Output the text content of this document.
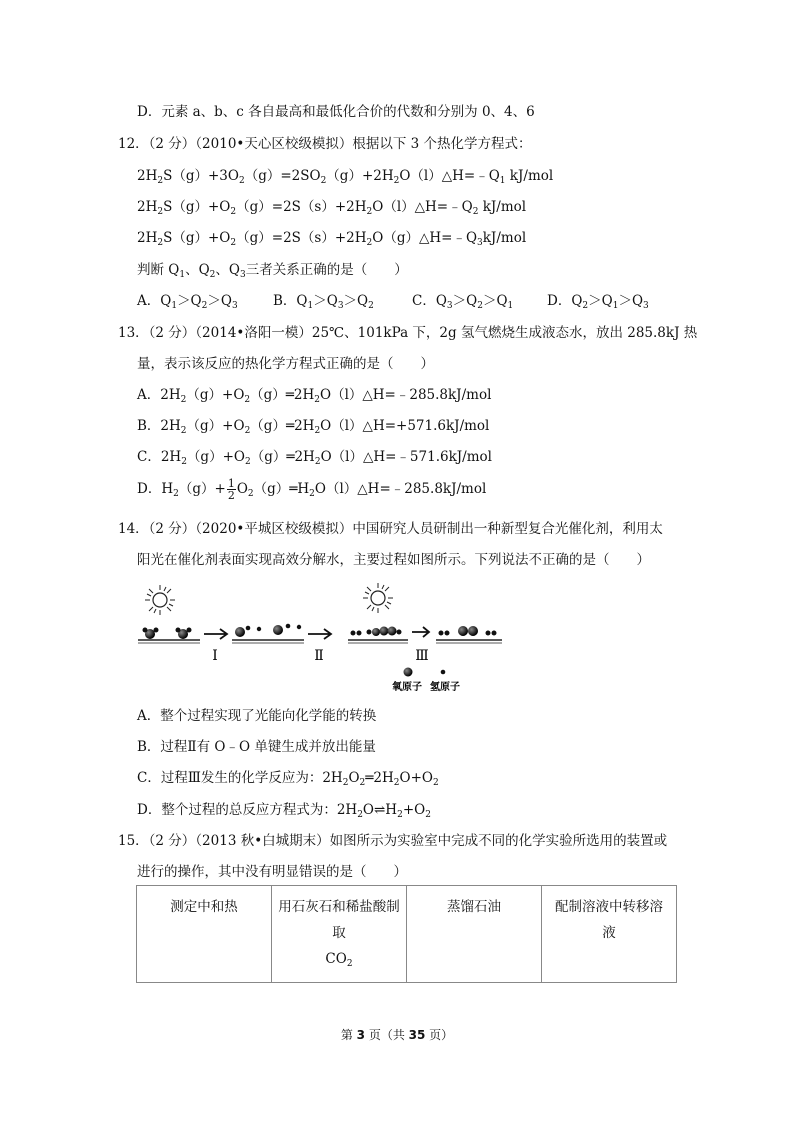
D．元素 a、b、c 各自最高和最低化合价的代数和分别为 0、4、6
12．（2 分）（2010•天心区校级模拟）根据以下 3 个热化学方程式：
$2H_2S(g)+3O_2(g)=2SO_2(g)+2H_2O(l)\triangle H=﹣Q_1$ kJ/mol
$2H_2S(g)+O_2(g)=2S(s)+2H_2O(l)\triangle H=﹣Q_2$ kJ/mol
$2H_2S(g)+O_2(g)=2S(s)+2H_2O(g)\triangle H=﹣Q_3kJ$/mol
判断 $Q_1$、$Q_2$、$Q_3$三者关系正确的是（　　）
A．$Q_1>Q_2>Q_3$	B．$Q_1>Q_3>Q_2$	C．$Q_3>Q_2>Q_1$ D．$Q_2>Q_1>Q_3$
13．（2 分）（2014•洛阳一模）25℃、101kPa 下，2g 氢气燃烧生成液态水，放出 285.8kJ 热
量，表示该反应的热化学方程式正确的是（　　）
A．$2H_2(g)+O_2(g)═2H_2O(l)\triangle H=﹣285.8kJ$/mol
B．$2H_2(g)+O_2(g)═2H_2O(l)\triangle H=+571.6kJ$/mol
C．$2H_2(g)+O_2(g)═2H_2O(l)\triangle H=﹣571.6kJ$/mol
D．$H_2(g)+ \frac{1}{2}$ $O_2(g)═H_2O(l)\triangle H=﹣285.8kJ$/mol
14．（2 分）（2020•平城区校级模拟）中国研究人员研制出一种新型复合光催化剂，利用太
阳光在催化剂表面实现高效分解水，主要过程如图所示。下列说法不正确的是（　　）
Ⅰ	Ⅱ	Ⅲ
氧原子 氢原子
A．整个过程实现了光能向化学能的转换
B．过程Ⅱ有 O﹣O 单键生成并放出能量
C．过程Ⅲ发生的化学反应为：$2H_2O_2═2H_2O+O_2$
D．整个过程的总反应方程式为：$2H_2O\rightleftharpoons H_2+O_2$
15．（2 分）（2013 秋•白城期末）如图所示为实验室中完成不同的化学实验所选用的装置或
进行的操作，其中没有明显错误的是（　　）
测定中和热	用石灰石和稀盐酸制
取
$CO_2$
	蒸馏石油	配制溶液中转移溶
液
第 3 页（共 35 页）
